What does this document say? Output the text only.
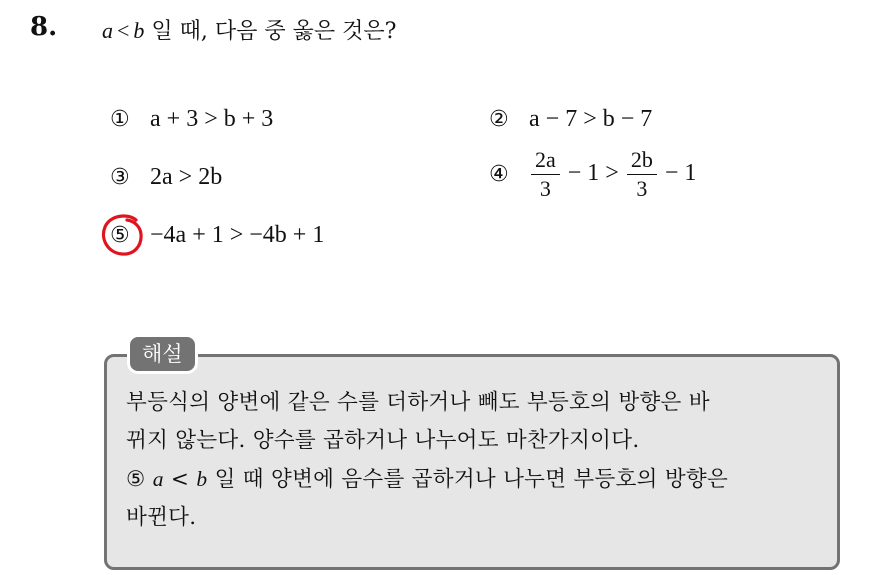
8. a < b 일 때, 다음 중 옳은 것은?
① a + 3 > b + 3	② a − 7 > b − 7
③ 2a > 2b	④ $\frac{2a}{3} - 1 > \frac{2b}{3} - 1$
⑤ −4a + 1 > −4b + 1
해설
부등식의 양변에 같은 수를 더하거나 빼도 부등호의 방향은 바
뀌지 않는다. 양수를 곱하거나 나누어도 마찬가지이다.
⑤ a < b 일 때 양변에 음수를 곱하거나 나누면 부등호의 방향은
바뀐다.
